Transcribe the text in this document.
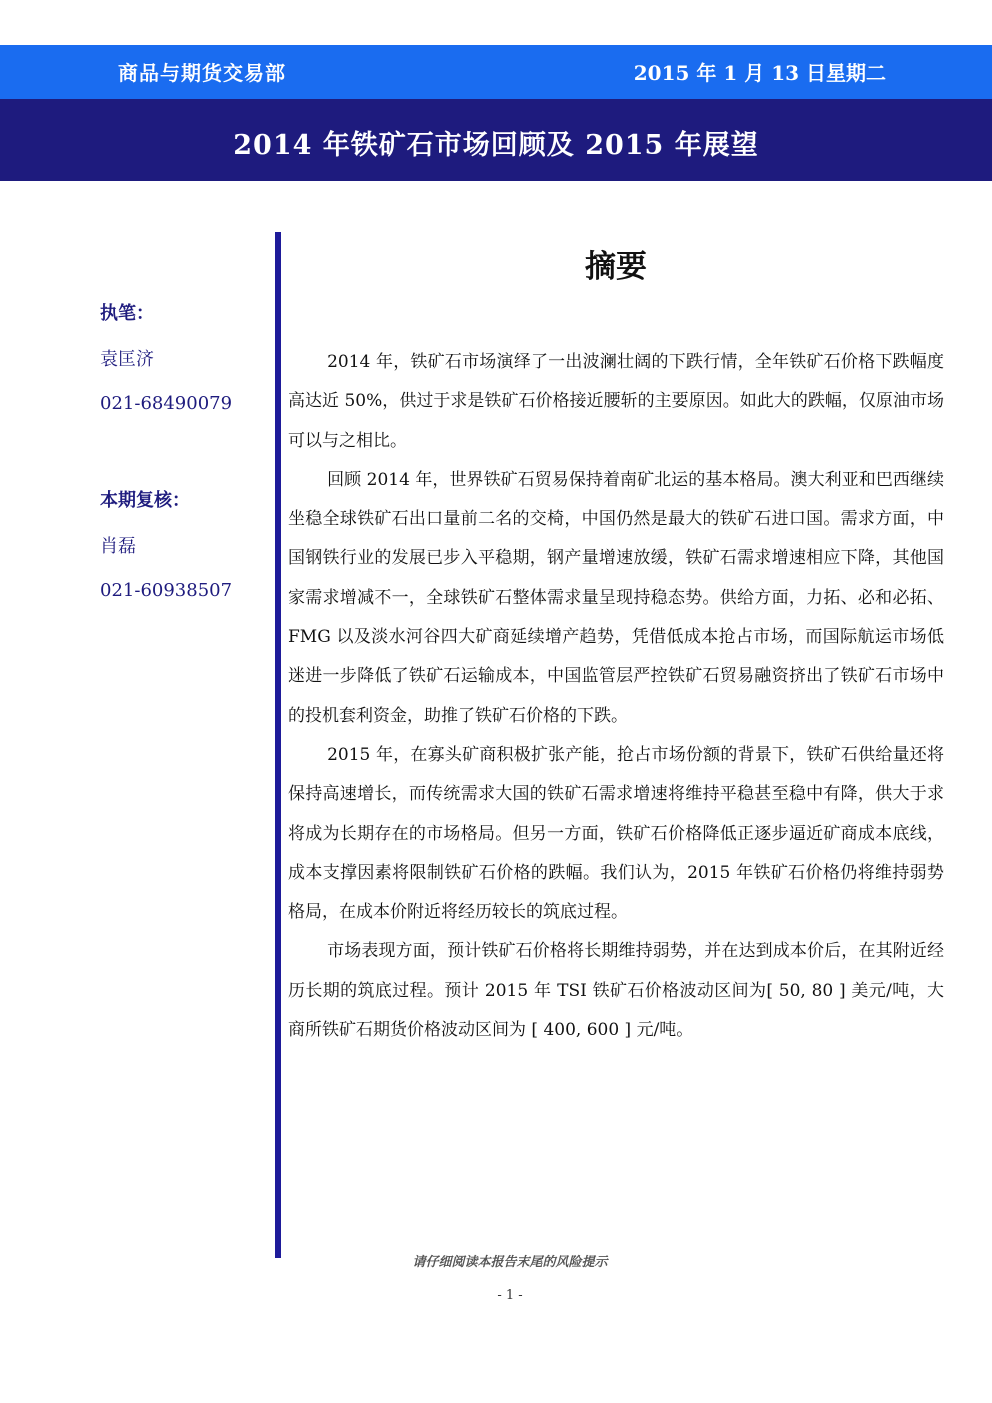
商品与期货交易部	2015 年 1 月 13 日星期二
2014 年铁矿石市场回顾及 2015 年展望
执笔：
袁匡济
021-68490079
本期复核：
肖磊
021-60938507
摘要

2014 年，铁矿石市场演绎了一出波澜壮阔的下跌行情，全年铁矿石价格下跌幅度高达近 50%，供过于求是铁矿石价格接近腰斩的主要原因。如此大的跌幅，仅原油市场可以与之相比。

回顾 2014 年，世界铁矿石贸易保持着南矿北运的基本格局。澳大利亚和巴西继续坐稳全球铁矿石出口量前二名的交椅，中国仍然是最大的铁矿石进口国。需求方面，中国钢铁行业的发展已步入平稳期，钢产量增速放缓，铁矿石需求增速相应下降，其他国家需求增减不一，全球铁矿石整体需求量呈现持稳态势。供给方面，力拓、必和必拓、FMG 以及淡水河谷四大矿商延续增产趋势，凭借低成本抢占市场，而国际航运市场低迷进一步降低了铁矿石运输成本，中国监管层严控铁矿石贸易融资挤出了铁矿石市场中的投机套利资金，助推了铁矿石价格的下跌。

2015 年，在寡头矿商积极扩张产能，抢占市场份额的背景下，铁矿石供给量还将保持高速增长，而传统需求大国的铁矿石需求增速将维持平稳甚至稳中有降，供大于求将成为长期存在的市场格局。但另一方面，铁矿石价格降低正逐步逼近矿商成本底线，成本支撑因素将限制铁矿石价格的跌幅。我们认为，2015 年铁矿石价格仍将维持弱势格局，在成本价附近将经历较长的筑底过程。

市场表现方面，预计铁矿石价格将长期维持弱势，并在达到成本价后，在其附近经历长期的筑底过程。预计 2015 年 TSI 铁矿石价格波动区间为[ 50, 80 ] 美元/吨，大商所铁矿石期货价格波动区间为 [ 400, 600 ] 元/吨。

请仔细阅读本报告末尾的风险提示
- 1 -
